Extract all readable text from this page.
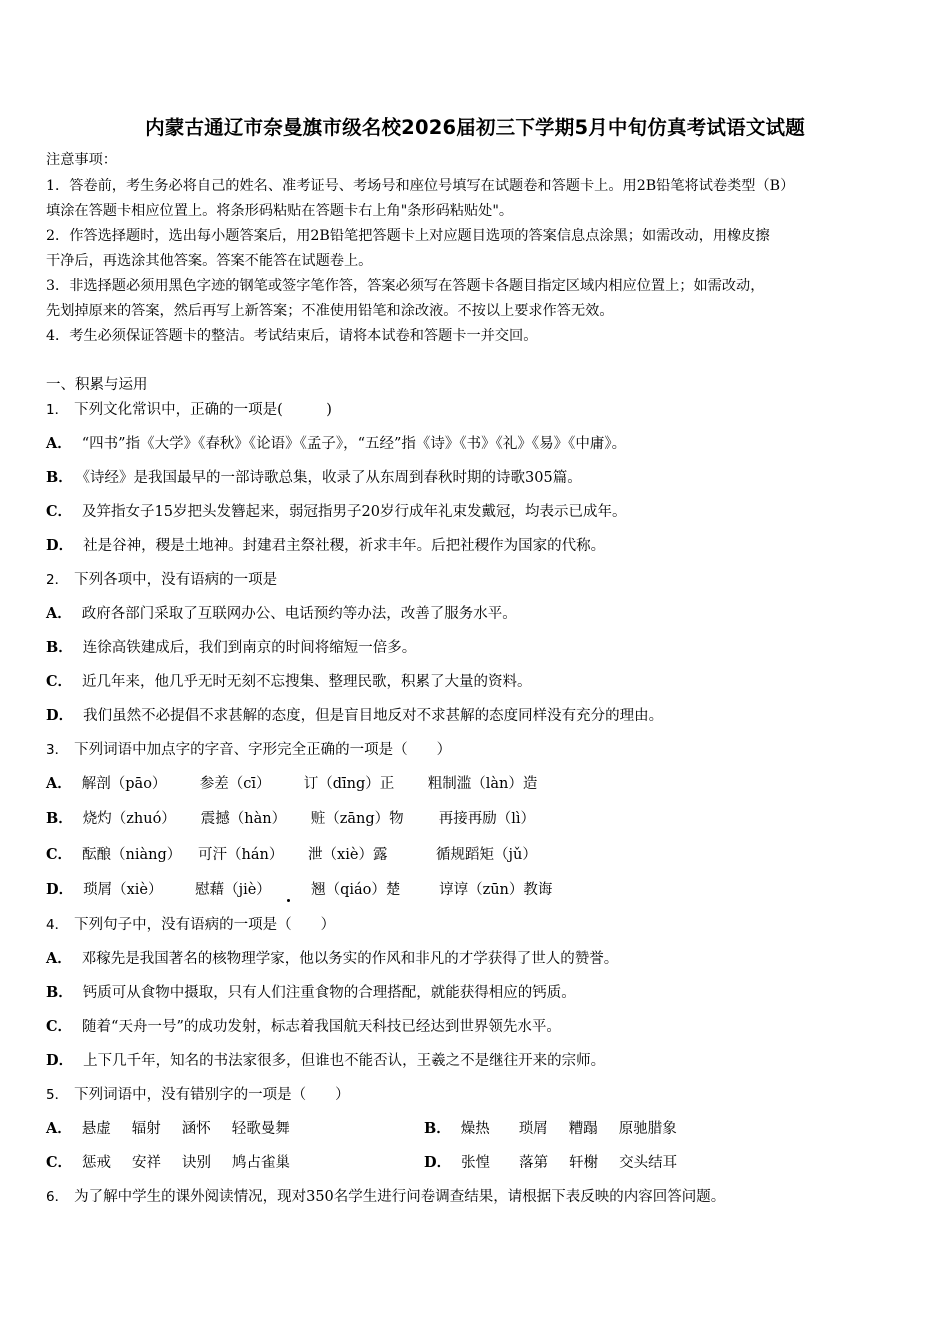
内蒙古通辽市奈曼旗市级名校2026届初三下学期5月中旬仿真考试语文试题
注意事项：
1．答卷前，考生务必将自己的姓名、准考证号、考场号和座位号填写在试题卷和答题卡上。用2B铅笔将试卷类型（B）
填涂在答题卡相应位置上。将条形码粘贴在答题卡右上角"条形码粘贴处"。
2．作答选择题时，选出每小题答案后，用2B铅笔把答题卡上对应题目选项的答案信息点涂黑；如需改动，用橡皮擦
干净后，再选涂其他答案。答案不能答在试题卷上。
3．非选择题必须用黑色字迹的钢笔或签字笔作答，答案必须写在答题卡各题目指定区域内相应位置上；如需改动，
先划掉原来的答案，然后再写上新答案；不准使用铅笔和涂改液。不按以上要求作答无效。
4．考生必须保证答题卡的整洁。考试结束后，请将本试卷和答题卡一并交回。
一、积累与运用
1． 下列文化常识中，正确的一项是(　　　)
A． “四书”指《大学》《春秋》《论语》《孟子》，“五经”指《诗》《书》《礼》《易》《中庸》。
B． 《诗经》是我国最早的一部诗歌总集，收录了从东周到春秋时期的诗歌305篇。
C． 及笄指女子15岁把头发簪起来，弱冠指男子20岁行成年礼束发戴冠，均表示已成年。
D． 社是谷神，稷是土地神。封建君主祭社稷，祈求丰年。后把社稷作为国家的代称。
2． 下列各项中，没有语病的一项是
A． 政府各部门采取了互联网办公、电话预约等办法，改善了服务水平。
B． 连徐高铁建成后，我们到南京的时间将缩短一倍多。
C． 近几年来，他几乎无时无刻不忘搜集、整理民歌，积累了大量的资料。
D． 我们虽然不必提倡不求甚解的态度，但是盲目地反对不求甚解的态度同样没有充分的理由。
3． 下列词语中加点字的字音、字形完全正确的一项是（　　）
A． 解剖（pāo） 参差（cī） 订（dīng）正 粗制滥（làn）造
B． 烧灼（zhuó） 震撼（hàn） 赃（zāng）物 再接再励（lì）
C． 酝酿（niàng） 可汗（hán） 泄（xiè）露	循规蹈矩（jǔ）
D． 琐屑（xiè） 慰藉（jiè）	翘（qiáo）楚	谆谆（zūn）教诲
4． 下列句子中，没有语病的一项是（　　）
A． 邓稼先是我国著名的核物理学家，他以务实的作风和非凡的才学获得了世人的赞誉。
B． 钙质可从食物中摄取，只有人们注重食物的合理搭配，就能获得相应的钙质。
C． 随着“天舟一号”的成功发射，标志着我国航天科技已经达到世界领先水平。
D． 上下几千年，知名的书法家很多，但谁也不能否认，王羲之不是继往开来的宗师。
5． 下列词语中，没有错别字的一项是（　　）
A． 悬虚 辐射 涵怀 轻歌曼舞	B． 燥热 琐屑 糟蹋 原驰腊象
C． 惩戒 安祥 诀别 鸠占雀巢	D． 张惶 落第 轩榭 交头结耳
6． 为了解中学生的课外阅读情况，现对350名学生进行问卷调查结果，请根据下表反映的内容回答问题。
